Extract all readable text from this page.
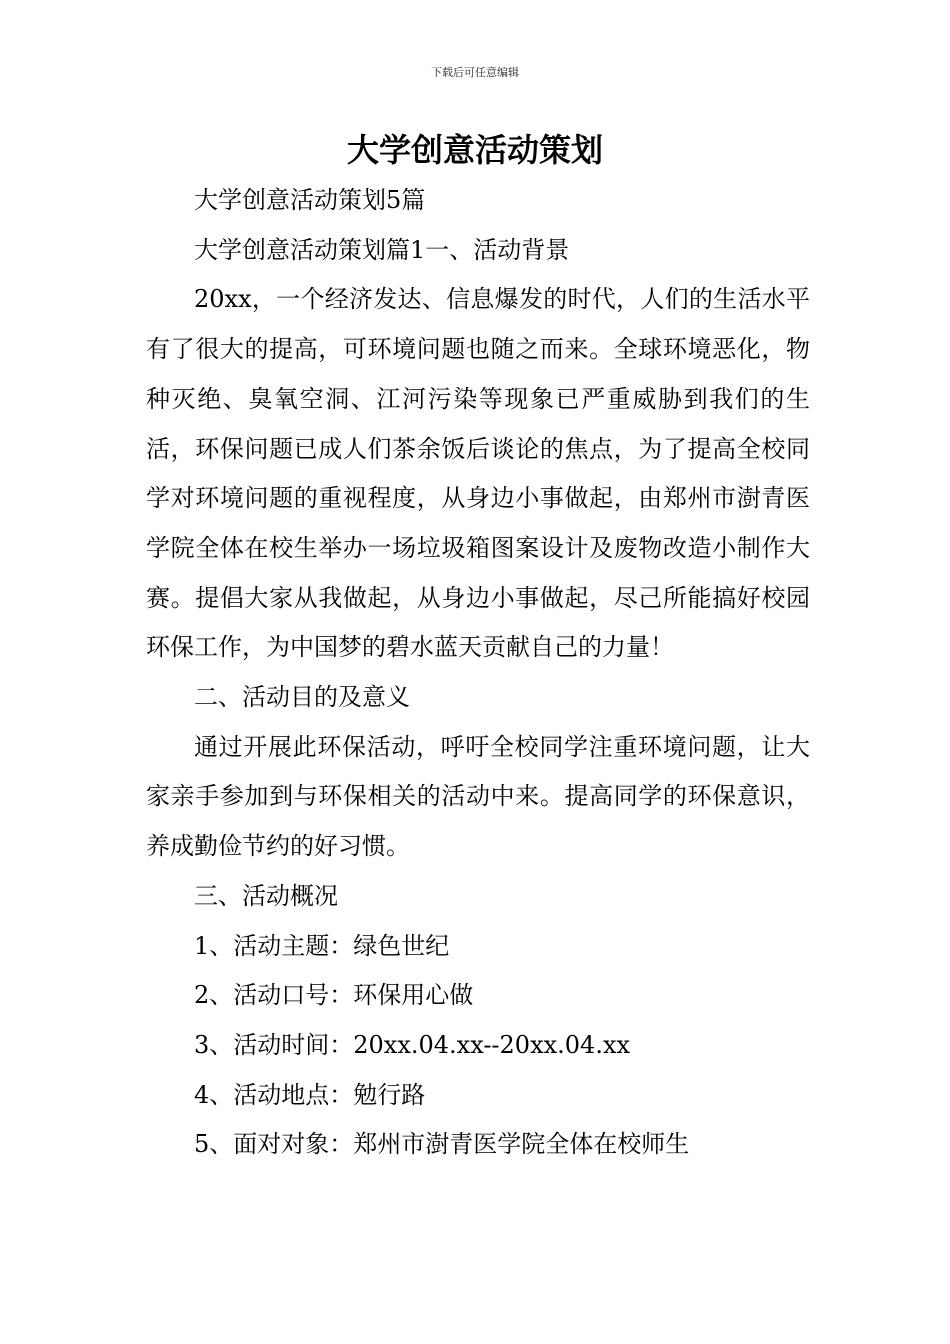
下载后可任意编辑
大学创意活动策划

大学创意活动策划5篇

大学创意活动策划篇1一、活动背景

20xx，一个经济发达、信息爆发的时代，人们的生活水平有了很大的提高，可环境问题也随之而来。全球环境恶化，物种灭绝、臭氧空洞、江河污染等现象已严重威胁到我们的生活，环保问题已成人们茶余饭后谈论的焦点，为了提高全校同学对环境问题的重视程度，从身边小事做起，由郑州市澍青医学院全体在校生举办一场垃圾箱图案设计及废物改造小制作大赛。提倡大家从我做起，从身边小事做起，尽己所能搞好校园环保工作，为中国梦的碧水蓝天贡献自己的力量！

二、活动目的及意义

通过开展此环保活动，呼吁全校同学注重环境问题，让大家亲手参加到与环保相关的活动中来。提高同学的环保意识，养成勤俭节约的好习惯。

三、活动概况

1、活动主题：绿色世纪

2、活动口号：环保用心做

3、活动时间：20xx.04.xx--20xx.04.xx

4、活动地点：勉行路

5、面对对象：郑州市澍青医学院全体在校师生
